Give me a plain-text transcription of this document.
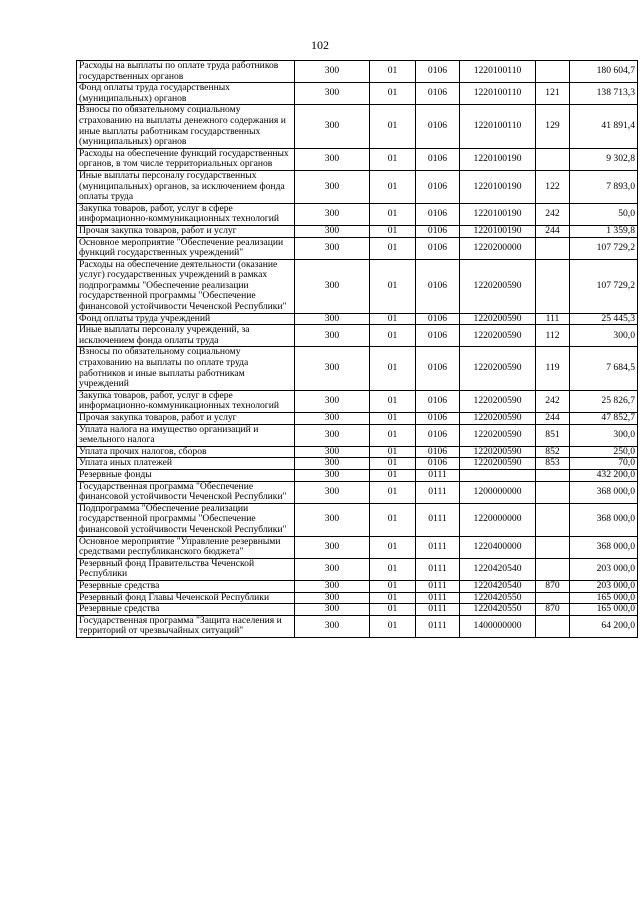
102
Расходы на выплаты по оплате труда работников государственных органов	300	01	0106	1220100110		180 604,7
Фонд оплаты труда государственных (муниципальных) органов	300	01	0106	1220100110	121	138 713,3
Взносы по обязательному социальному страхованию на выплаты денежного содержания и иные выплаты работникам государственных (муниципальных) органов	300	01	0106	1220100110	129	41 891,4
Расходы на обеспечение функций государственных органов, в том числе территориальных органов	300	01	0106	1220100190		9 302,8
Иные выплаты персоналу государственных (муниципальных) органов, за исключением фонда оплаты труда	300	01	0106	1220100190	122	7 893,0
Закупка товаров, работ, услуг в сфере информационно-коммуникационных технологий	300	01	0106	1220100190	242	50,0
Прочая закупка товаров, работ и услуг	300	01	0106	1220100190	244	1 359,8
Основное мероприятие "Обеспечение реализации функций государственных учреждений"	300	01	0106	1220200000		107 729,2
Расходы на обеспечение деятельности (оказание услуг) государственных учреждений в рамках подпрограммы "Обеспечение реализации государственной программы "Обеспечение финансовой устойчивости Чеченской Республики"	300	01	0106	1220200590		107 729,2
Фонд оплаты труда учреждений	300	01	0106	1220200590	111	25 445,3
Иные выплаты персоналу учреждений, за исключением фонда оплаты труда	300	01	0106	1220200590	112	300,0
Взносы по обязательному социальному страхованию на выплаты по оплате труда работников и иные выплаты работникам учреждений	300	01	0106	1220200590	119	7 684,5
Закупка товаров, работ, услуг в сфере информационно-коммуникационных технологий	300	01	0106	1220200590	242	25 826,7
Прочая закупка товаров, работ и услуг	300	01	0106	1220200590	244	47 852,7
Уплата налога на имущество организаций и земельного налога	300	01	0106	1220200590	851	300,0
Уплата прочих налогов, сборов	300	01	0106	1220200590	852	250,0
Уплата иных платежей	300	01	0106	1220200590	853	70,0
Резервные фонды	300	01	0111			432 200,0
Государственная программа "Обеспечение финансовой устойчивости Чеченской Республики"	300	01	0111	1200000000		368 000,0
Подпрограмма "Обеспечение реализации государственной программы "Обеспечение финансовой устойчивости Чеченской Республики"	300	01	0111	1220000000		368 000,0
Основное мероприятие "Управление резервными средствами республиканского бюджета"	300	01	0111	1220400000		368 000,0
Резервный фонд Правительства Чеченской Республики	300	01	0111	1220420540		203 000,0
Резервные средства	300	01	0111	1220420540	870	203 000,0
Резервный фонд Главы Чеченской Республики	300	01	0111	1220420550		165 000,0
Резервные средства	300	01	0111	1220420550	870	165 000,0
Государственная программа "Защита населения и территорий от чрезвычайных ситуаций"	300	01	0111	1400000000		64 200,0
